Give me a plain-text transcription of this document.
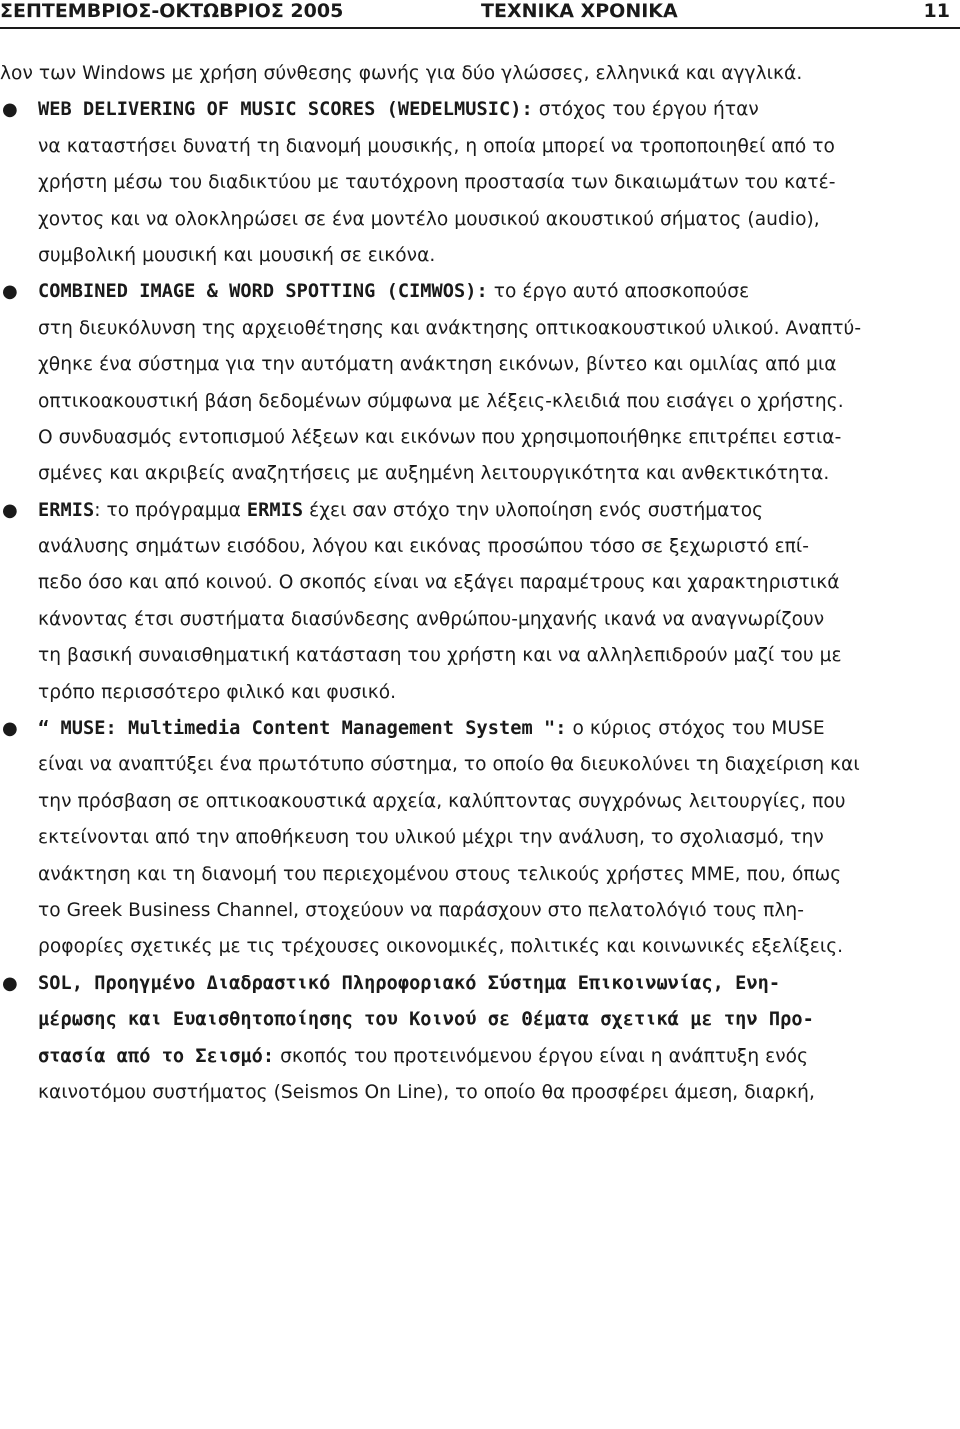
ΣΕΠΤΕΜΒΡΙΟΣ-ΟΚΤΩΒΡΙΟΣ 2005	ΤΕΧΝΙΚΑ ΧΡΟΝΙΚΑ	11
λον των Windows με χρήση σύνθεσης φωνής για δύο γλώσσες, ελληνικά και αγγλικά.
●	WEB DELIVERING OF MUSIC SCORES (WEDELMUSIC): στόχος του έργου ήταν
να καταστήσει δυνατή τη διανομή μουσικής, η οποία μπορεί να τροποποιηθεί από το
χρήστη μέσω του διαδικτύου με ταυτόχρονη προστασία των δικαιωμάτων του κατέ-
χοντος και να ολοκληρώσει σε ένα μοντέλο μουσικού ακουστικού σήματος (audio),
συμβολική μουσική και μουσική σε εικόνα.
●	COMBINED IMAGE & WORD SPOTTING (CIMWOS): το έργο αυτό αποσκοπούσε
στη διευκόλυνση της αρχειοθέτησης και ανάκτησης οπτικοακουστικού υλικού. Αναπτύ-
χθηκε ένα σύστημα για την αυτόματη ανάκτηση εικόνων, βίντεο και ομιλίας από μια
οπτικοακουστική βάση δεδομένων σύμφωνα με λέξεις-κλειδιά που εισάγει ο χρήστης.
Ο συνδυασμός εντοπισμού λέξεων και εικόνων που χρησιμοποιήθηκε επιτρέπει εστια-
σμένες και ακριβείς αναζητήσεις με αυξημένη λειτουργικότητα και ανθεκτικότητα.
●	ERMIS: το πρόγραμμα ERMIS έχει σαν στόχο την υλοποίηση ενός συστήματος
ανάλυσης σημάτων εισόδου, λόγου και εικόνας προσώπου τόσο σε ξεχωριστό επί-
πεδο όσο και από κοινού. Ο σκοπός είναι να εξάγει παραμέτρους και χαρακτηριστικά
κάνοντας έτσι συστήματα διασύνδεσης ανθρώπου-μηχανής ικανά να αναγνωρίζουν
τη βασική συναισθηματική κατάσταση του χρήστη και να αλληλεπιδρούν μαζί του με
τρόπο περισσότερο φιλικό και φυσικό.
●	“ MUSE: Multimedia Content Management System ": ο κύριος στόχος του MUSE
είναι να αναπτύξει ένα πρωτότυπο σύστημα, το οποίο θα διευκολύνει τη διαχείριση και
την πρόσβαση σε οπτικοακουστικά αρχεία, καλύπτοντας συγχρόνως λειτουργίες, που
εκτείνονται από την αποθήκευση του υλικού μέχρι την ανάλυση, το σχολιασμό, την
ανάκτηση και τη διανομή του περιεχομένου στους τελικούς χρήστες ΜΜΕ, που, όπως
το Greek Business Channel, στοχεύουν να παράσχουν στο πελατολόγιό τους πλη-
ροφορίες σχετικές με τις τρέχουσες οικονομικές, πολιτικές και κοινωνικές εξελίξεις.
●	SOL, Προηγμένο Διαδραστικό Πληροφοριακό Σύστημα Επικοινωνίας, Ενη-
μέρωσης και Ευαισθητοποίησης του Κοινού σε Θέματα σχετικά με την Προ-
στασία από το Σεισμό: σκοπός του προτεινόμενου έργου είναι η ανάπτυξη ενός
καινοτόμου συστήματος (Seismos On Line), το οποίο θα προσφέρει άμεση, διαρκή,
